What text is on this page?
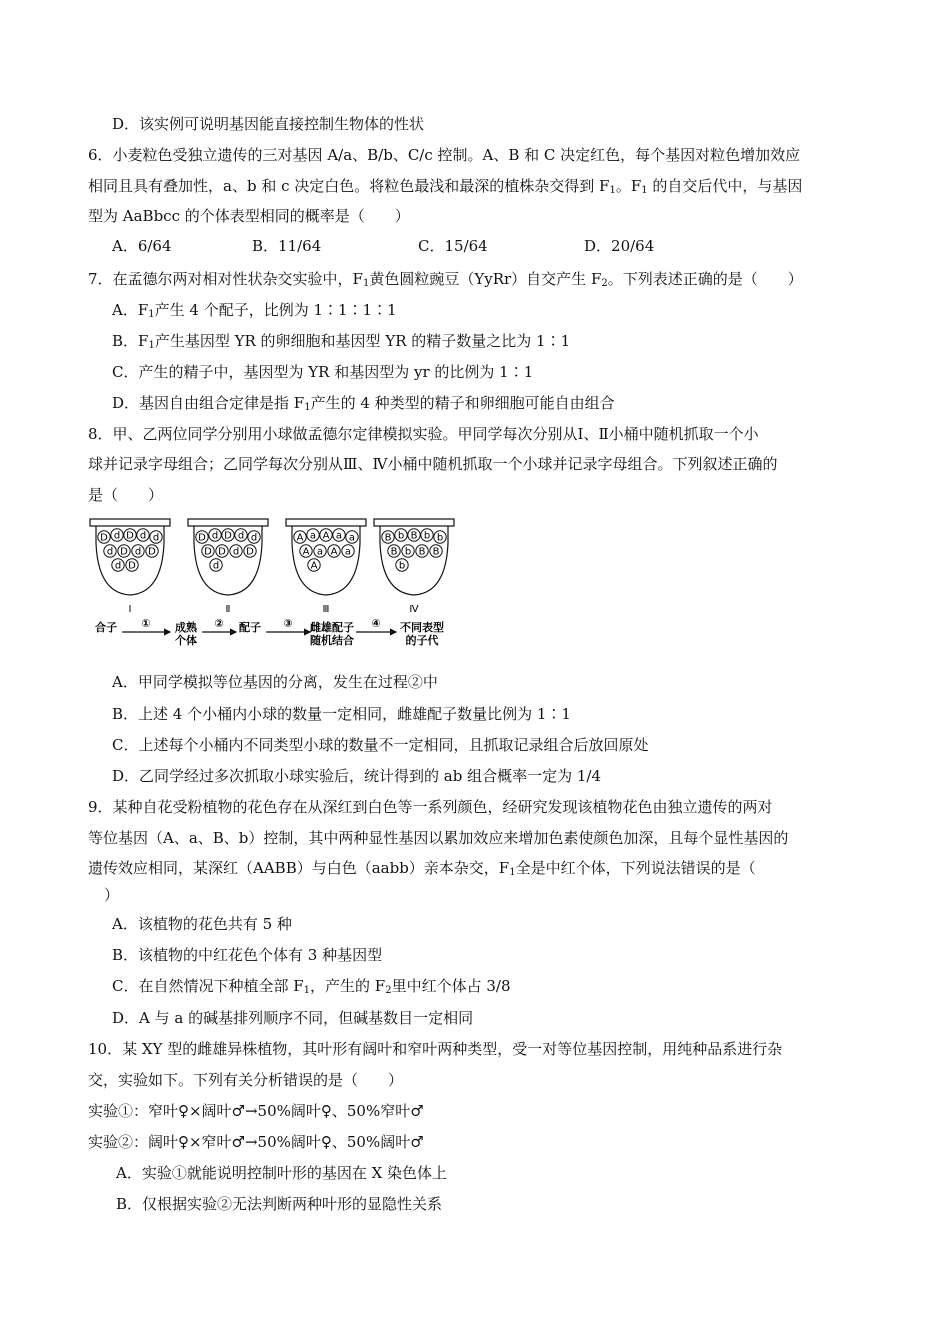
D．该实例可说明基因能直接控制生物体的性状
6．小麦粒色受独立遗传的三对基因 A/a、B/b、C/c 控制。A、B 和 C 决定红色，每个基因对粒色增加效应
相同且具有叠加性，a、b 和 c 决定白色。将粒色最浅和最深的植株杂交得到 $F_1$。$F_1$ 的自交后代中，与基因
型为 AaBbcc 的个体表型相同的概率是（　　）
A．6/64	B．11/64	C．15/64	D．20/64
7．在孟德尔两对相对性状杂交实验中，$F_1$黄色圆粒豌豆（YyRr）自交产生 $F_2$。下列表述正确的是（　　）
A．$F_1$产生 4 个配子，比例为 1∶1∶1∶1
B．$F_1$产生基因型 YR 的卵细胞和基因型 YR 的精子数量之比为 1∶1
C．产生的精子中，基因型为 YR 和基因型为 yr 的比例为 1∶1
D．基因自由组合定律是指 $F_1$产生的 4 种类型的精子和卵细胞可能自由组合
8．甲、乙两位同学分别用小球做孟德尔定律模拟实验。甲同学每次分别从Ⅰ、Ⅱ小桶中随机抓取一个小
球并记录字母组合；乙同学每次分别从Ⅲ、Ⅳ小桶中随机抓取一个小球并记录字母组合。下列叙述正确的
是（　　）
D d D d d
d D d D
d D
Ⅰ
D d D d d
D D d D
d
Ⅱ
A a A a a
A a A a
A
Ⅲ
B b B b b
B b B B
b
Ⅳ
合子	成熟
个体
配子	雌雄配子
随机结合
不同表型
的子代
①	②	③	④
A．甲同学模拟等位基因的分离，发生在过程②中
B．上述 4 个小桶内小球的数量一定相同，雌雄配子数量比例为 1∶1
C．上述每个小桶内不同类型小球的数量不一定相同，且抓取记录组合后放回原处
D．乙同学经过多次抓取小球实验后，统计得到的 ab 组合概率一定为 1/4
9．某种自花受粉植物的花色存在从深红到白色等一系列颜色，经研究发现该植物花色由独立遗传的两对
等位基因（A、a、B、b）控制，其中两种显性基因以累加效应来增加色素使颜色加深，且每个显性基因的
遗传效应相同，某深红（AABB）与白色（aabb）亲本杂交，$F_1$全是中红个体，下列说法错误的是（
）
A．该植物的花色共有 5 种
B．该植物的中红花色个体有 3 种基因型
C．在自然情况下种植全部 $F_1$，产生的 $F_2$里中红个体占 3/8
D．A 与 a 的碱基排列顺序不同，但碱基数目一定相同
10．某 XY 型的雌雄异株植物，其叶形有阔叶和窄叶两种类型，受一对等位基因控制，用纯种品系进行杂
交，实验如下。下列有关分析错误的是（　　）
实验①：窄叶♀×阔叶♂→50%阔叶♀、50%窄叶♂
实验②：阔叶♀×窄叶♂→50%阔叶♀、50%阔叶♂
A．实验①就能说明控制叶形的基因在 X 染色体上
B．仅根据实验②无法判断两种叶形的显隐性关系
